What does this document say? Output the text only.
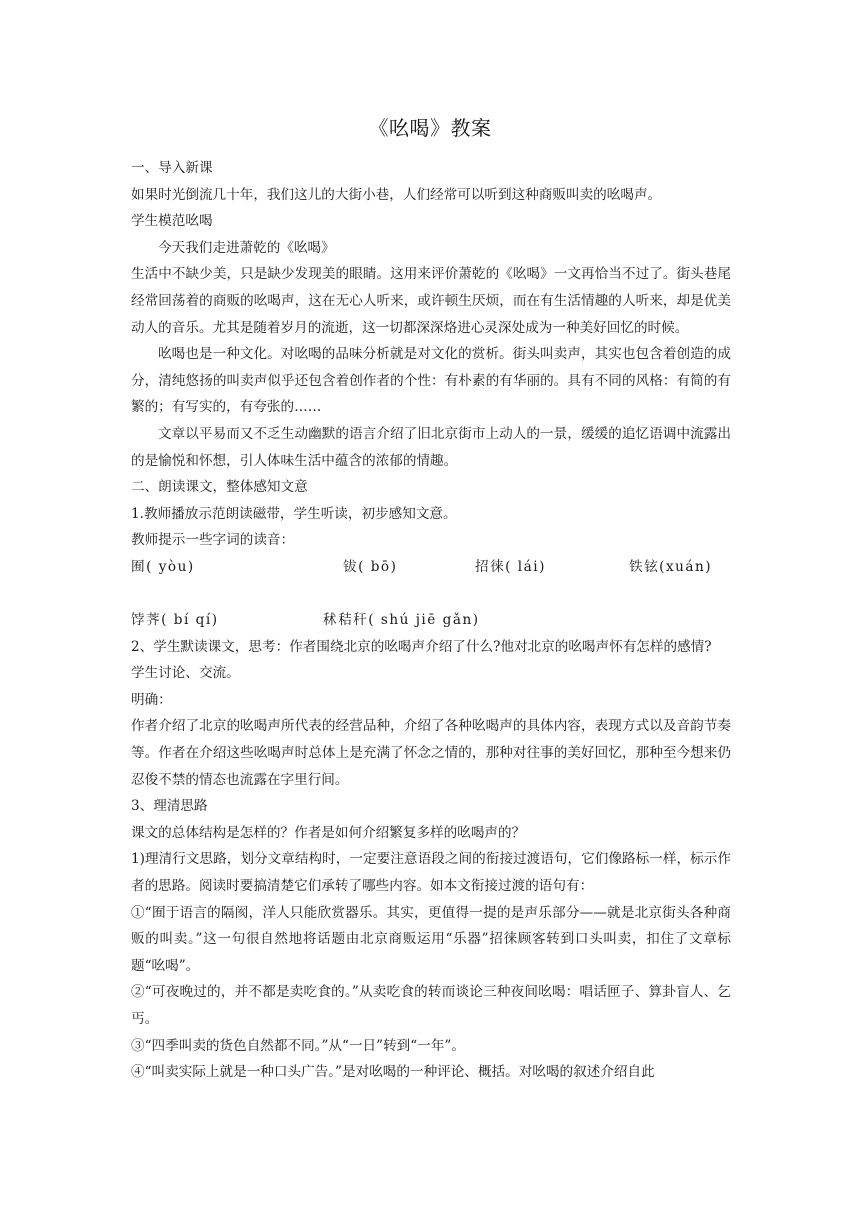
《吆喝》教案

一、导入新课

如果时光倒流几十年，我们这儿的大街小巷，人们经常可以听到这种商贩叫卖的吆喝声。

学生模范吆喝

今天我们走进萧乾的《吆喝》

生活中不缺少美，只是缺少发现美的眼睛。这用来评价萧乾的《吆喝》一文再恰当不过了。街头巷尾经常回荡着的商贩的吆喝声，这在无心人听来，或许顿生厌烦，而在有生活情趣的人听来，却是优美动人的音乐。尤其是随着岁月的流逝，这一切都深深烙进心灵深处成为一种美好回忆的时候。

吆喝也是一种文化。对吆喝的品味分析就是对文化的赏析。街头叫卖声，其实也包含着创造的成分，清纯悠扬的叫卖声似乎还包含着创作者的个性：有朴素的有华丽的。具有不同的风格：有简的有繁的；有写实的，有夸张的……

文章以平易而又不乏生动幽默的语言介绍了旧北京街市上动人的一景，缓缓的追忆语调中流露出的是愉悦和怀想，引人体味生活中蕴含的浓郁的情趣。

二、朗读课文，整体感知文意

1.教师播放示范朗读磁带，学生听读，初步感知文意。

教师提示一些字词的读音：

囿( yòu)	钹( bō)	招徕( lái)	铁铉(xuán)
饽荠( bí qí)	秫秸秆( shú jiē gǎn)

2、学生默读课文，思考：作者围绕北京的吆喝声介绍了什么?他对北京的吆喝声怀有怎样的感情?

学生讨论、交流。

明确：

作者介绍了北京的吆喝声所代表的经营品种，介绍了各种吆喝声的具体内容，表现方式以及音韵节奏等。作者在介绍这些吆喝声时总体上是充满了怀念之情的，那种对往事的美好回忆，那种至今想来仍忍俊不禁的情态也流露在字里行间。

3、理清思路

课文的总体结构是怎样的？作者是如何介绍繁复多样的吆喝声的？

1)理清行文思路，划分文章结构时，一定要注意语段之间的衔接过渡语句，它们像路标一样，标示作者的思路。阅读时要搞清楚它们承转了哪些内容。如本文衔接过渡的语句有：

①“囿于语言的隔阂，洋人只能欣赏器乐。其实，更值得一提的是声乐部分——就是北京街头各种商贩的叫卖。”这一句很自然地将话题由北京商贩运用“乐器”招徕顾客转到口头叫卖，扣住了文章标题“吆喝”。

②“可夜晚过的，并不都是卖吃食的。”从卖吃食的转而谈论三种夜间吆喝：唱话匣子、算卦盲人、乞丐。

③“四季叫卖的货色自然都不同。”从“一日”转到“一年”。

④“叫卖实际上就是一种口头广告。”是对吆喝的一种评论、概括。对吆喝的叙述介绍自此
